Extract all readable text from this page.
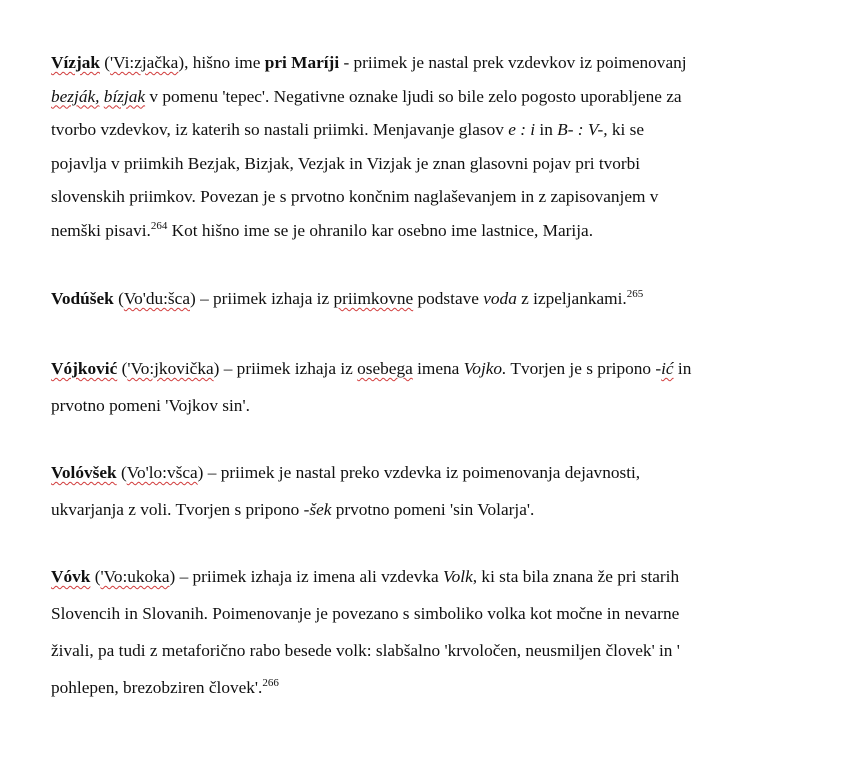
Vízjak ('Vi:zjačka), hišno ime pri Maríji - priimek je nastal prek vzdevkov iz poimenovanj
bezják, bízjak v pomenu 'tepec'. Negativne oznake ljudi so bile zelo pogosto uporabljene za
tvorbo vzdevkov, iz katerih so nastali priimki. Menjavanje glasov e : i in B- : V-, ki se
pojavlja v priimkih Bezjak, Bizjak, Vezjak in Vizjak je znan glasovni pojav pri tvorbi
slovenskih priimkov. Povezan je s prvotno končnim naglaševanjem in z zapisovanjem v
nemški pisavi.$^{264}$ Kot hišno ime se je ohranilo kar osebno ime lastnice, Marija.
Vodúšek (Vo'du:šca) – priimek izhaja iz priimkovne podstave voda z izpeljankami.$^{265}$
Vójković ('Vo:jkovička) – priimek izhaja iz osebega imena Vojko. Tvorjen je s pripono -ić in
prvotno pomeni 'Vojkov sin'.
Volóvšek (Vo'lo:všca) – priimek je nastal preko vzdevka iz poimenovanja dejavnosti,
ukvarjanja z voli. Tvorjen s pripono -šek prvotno pomeni 'sin Volarja'.
Vóvk ('Vo:ukoka) – priimek izhaja iz imena ali vzdevka Volk, ki sta bila znana že pri starih
Slovencih in Slovanih. Poimenovanje je povezano s simboliko volka kot močne in nevarne
živali, pa tudi z metaforično rabo besede volk: slabšalno 'krvoločen, neusmiljen človek' in '
pohlepen, brezobziren človek'.$^{266}$
